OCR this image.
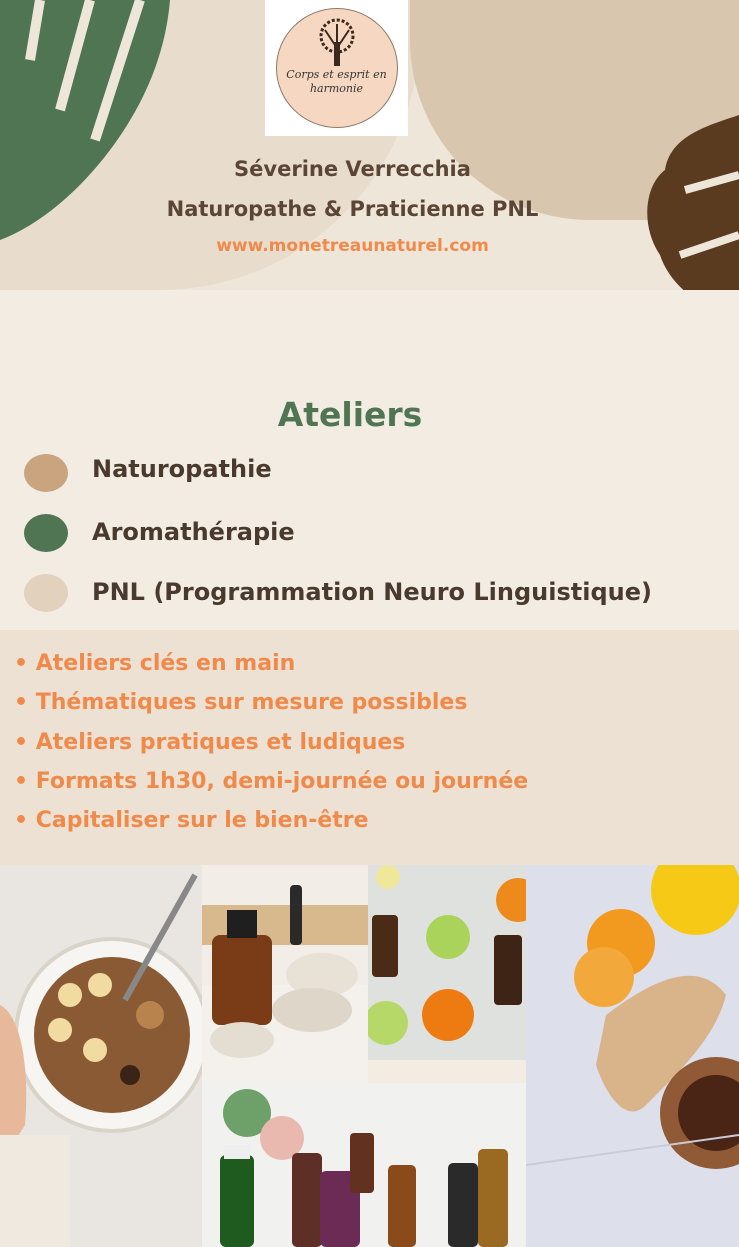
Corps et esprit en
harmonie
Séverine Verrecchia
Naturopathe & Praticienne PNL
www.monetreaunaturel.com
Ateliers
Naturopathie
Aromathérapie
PNL (Programmation Neuro Linguistique)
• Ateliers clés en main
• Thématiques sur mesure possibles
• Ateliers pratiques et ludiques
• Formats 1h30, demi-journée ou journée
• Capitaliser sur le bien-être
